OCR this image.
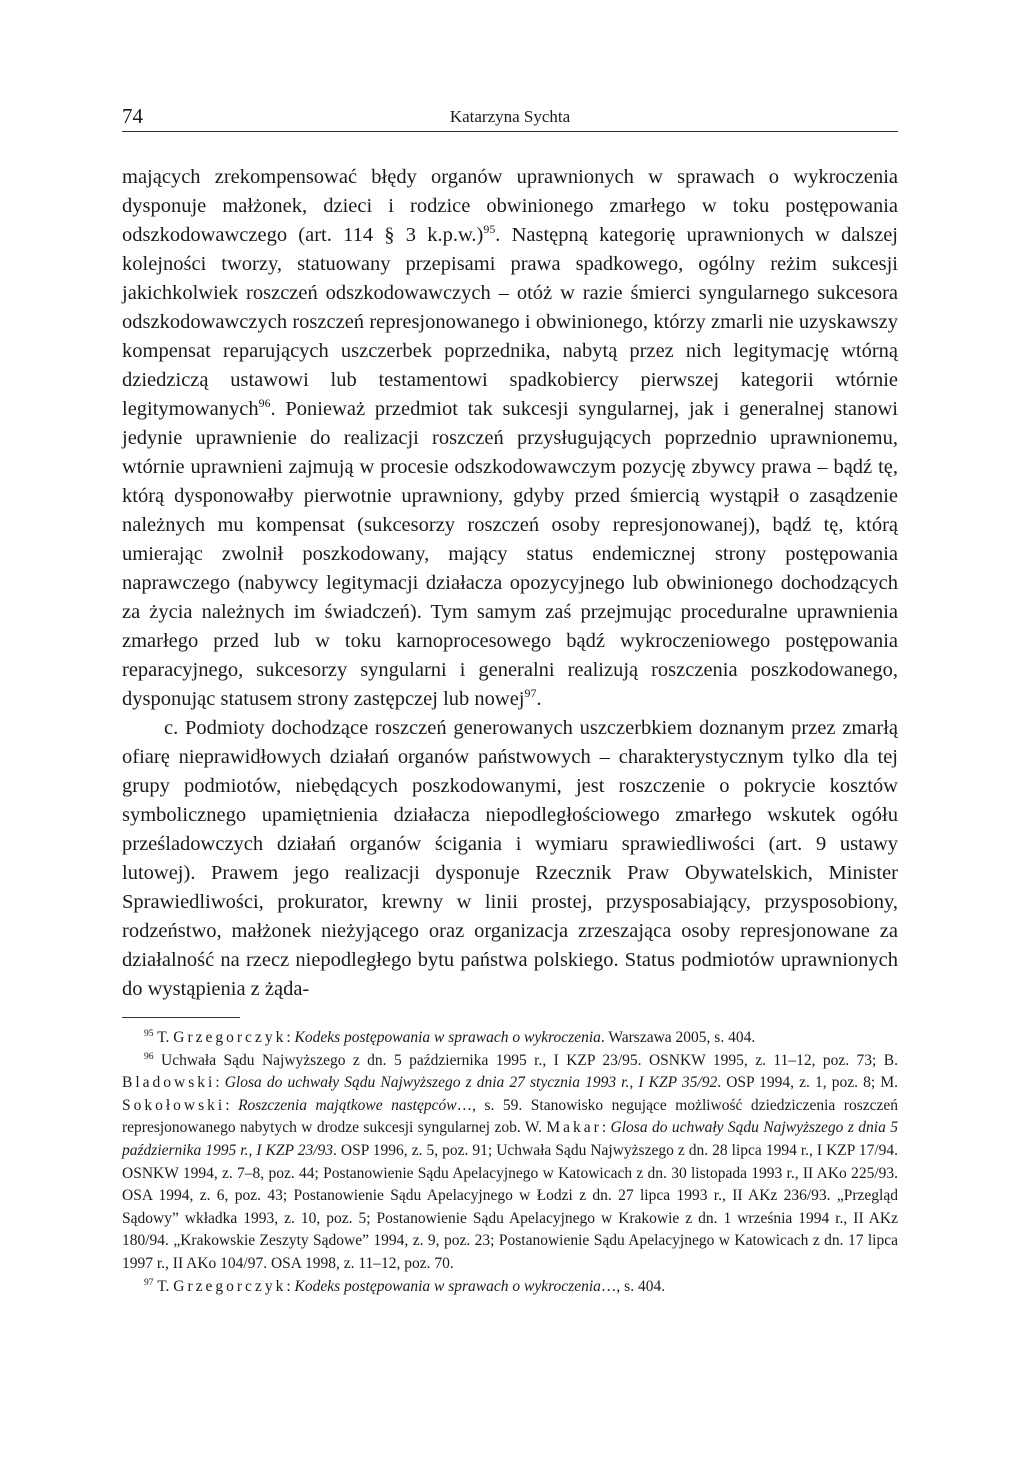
74	Katarzyna Sychta

mających zrekompensować błędy organów uprawnionych w sprawach o wykroczenia dysponuje małżonek, dzieci i rodzice obwinionego zmarłego w toku postępowania odszkodowawczego (art. 114 § 3 k.p.w.)$^{95}$. Następną kategorię uprawnionych w dalszej kolejności tworzy, statuowany przepisami prawa spadkowego, ogólny reżim sukcesji jakichkolwiek roszczeń odszkodowawczych – otóż w razie śmierci syngularnego sukcesora odszkodowawczych roszczeń represjonowanego i obwinionego, którzy zmarli nie uzyskawszy kompensat reparujących uszczerbek poprzednika, nabytą przez nich legitymację wtórną dziedziczą ustawowi lub testamentowi spadkobiercy pierwszej kategorii wtórnie legitymowanych$^{96}$. Ponieważ przedmiot tak sukcesji syngularnej, jak i generalnej stanowi jedynie uprawnienie do realizacji roszczeń przysługujących poprzednio uprawnionemu, wtórnie uprawnieni zajmują w procesie odszkodowawczym pozycję zbywcy prawa – bądź tę, którą dysponowałby pierwotnie uprawniony, gdyby przed śmiercią wystąpił o zasądzenie należnych mu kompensat (sukcesorzy roszczeń osoby represjonowanej), bądź tę, którą umierając zwolnił poszkodowany, mający status endemicznej strony postępowania naprawczego (nabywcy legitymacji działacza opozycyjnego lub obwinionego dochodzących za życia należnych im świadczeń). Tym samym zaś przejmując proceduralne uprawnienia zmarłego przed lub w toku karnoprocesowego bądź wykroczeniowego postępowania reparacyjnego, sukcesorzy syngularni i generalni realizują roszczenia poszkodowanego, dysponując statusem strony zastępczej lub nowej$^{97}$.

c. Podmioty dochodzące roszczeń generowanych uszczerbkiem doznanym przez zmarłą ofiarę nieprawidłowych działań organów państwowych – charakterystycznym tylko dla tej grupy podmiotów, niebędących poszkodowanymi, jest roszczenie o pokrycie kosztów symbolicznego upamiętnienia działacza niepodległościowego zmarłego wskutek ogółu prześladowczych działań organów ścigania i wymiaru sprawiedliwości (art. 9 ustawy lutowej). Prawem jego realizacji dysponuje Rzecznik Praw Obywatelskich, Minister Sprawiedliwości, prokurator, krewny w linii prostej, przysposabiający, przysposobiony, rodzeństwo, małżonek nieżyjącego oraz organizacja zrzeszająca osoby represjonowane za działalność na rzecz niepodległego bytu państwa polskiego. Status podmiotów uprawnionych do wystąpienia z żąda-

$^{95}$ T. Grzegorczyk: Kodeks postępowania w sprawach o wykroczenia. Warszawa 2005, s. 404.

$^{96}$ Uchwała Sądu Najwyższego z dn. 5 października 1995 r., I KZP 23/95. OSNKW 1995, z. 11–12, poz. 73; B. Bladowski: Glosa do uchwały Sądu Najwyższego z dnia 27 stycznia 1993 r., I KZP 35/92. OSP 1994, z. 1, poz. 8; M. Sokołowski: Roszczenia majątkowe następców…, s. 59. Stanowisko negujące możliwość dziedziczenia roszczeń represjonowanego nabytych w drodze sukcesji syngularnej zob. W. Makar: Glosa do uchwały Sądu Najwyższego z dnia 5 października 1995 r., I KZP 23/93. OSP 1996, z. 5, poz. 91; Uchwała Sądu Najwyższego z dn. 28 lipca 1994 r., I KZP 17/94. OSNKW 1994, z. 7–8, poz. 44; Postanowienie Sądu Apelacyjnego w Katowicach z dn. 30 listopada 1993 r., II AKo 225/93. OSA 1994, z. 6, poz. 43; Postanowienie Sądu Apelacyjnego w Łodzi z dn. 27 lipca 1993 r., II AKz 236/93. „Przegląd Sądowy” wkładka 1993, z. 10, poz. 5; Postanowienie Sądu Apelacyjnego w Krakowie z dn. 1 września 1994 r., II AKz 180/94. „Krakowskie Zeszyty Sądowe” 1994, z. 9, poz. 23; Postanowienie Sądu Apelacyjnego w Katowicach z dn. 17 lipca 1997 r., II AKo 104/97. OSA 1998, z. 11–12, poz. 70.

$^{97}$ T. Grzegorczyk: Kodeks postępowania w sprawach o wykroczenia…, s. 404.
